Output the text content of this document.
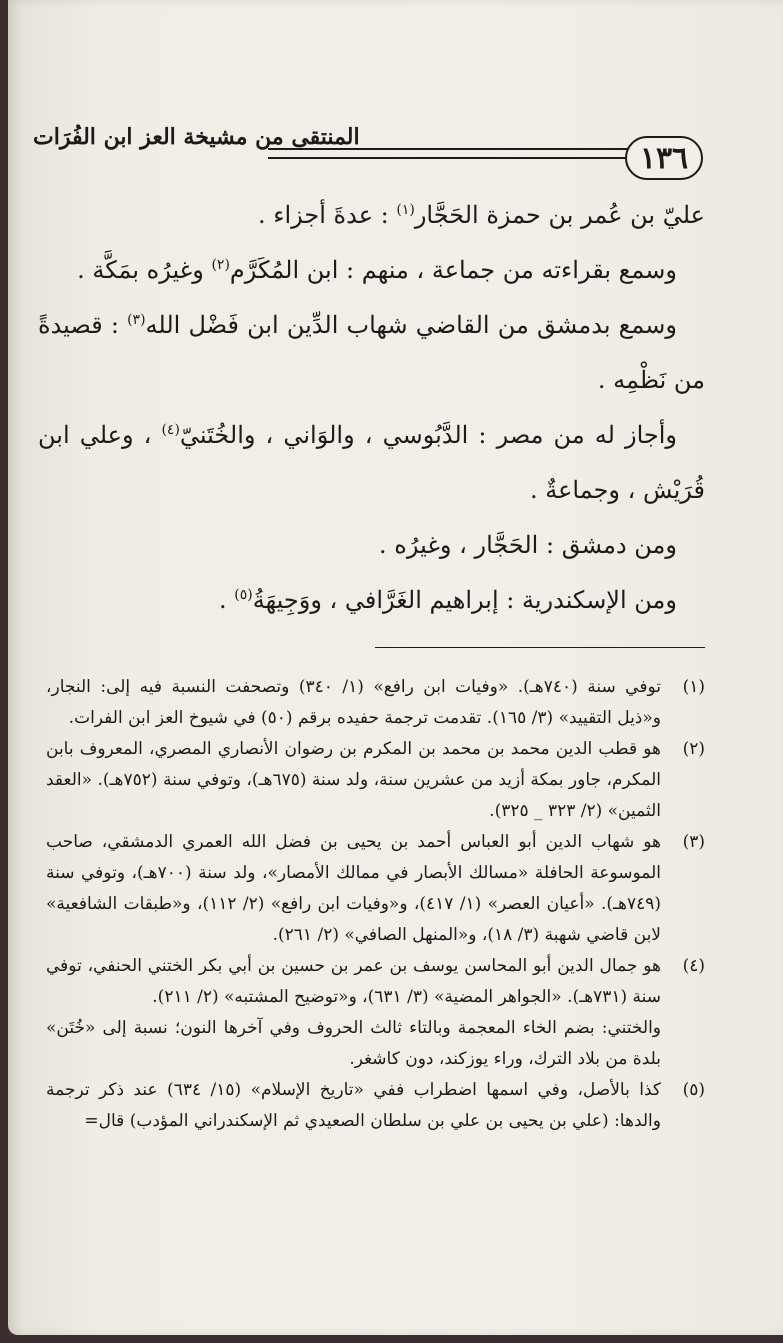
١٣٦
المنتقى من مشيخة العز ابن الفُرَات

عليّ بن عُمر بن حمزة الحَجَّار$^{(١)}$ : عدةَ أجزاء .

وسمع بقراءته من جماعة ، منهم : ابن المُكَرَّم$^{(٢)}$ وغيرُه بمَكَّة .

وسمع بدمشق من القاضي شهاب الدِّين ابن فَضْل الله$^{(٣)}$ : قصيدةً من نَظْمِه .

وأجاز له من مصر : الدَّبُوسي ، والوَاني ، والخُتَنيّ$^{(٤)}$ ، وعلي ابن قُرَيْش ، وجماعةٌ .

ومن دمشق : الحَجَّار ، وغيرُه .

ومن الإسكندرية : إبراهيم الغَرَّافي ، ووَجِيهَةُ$^{(٥)}$ .

(١)

توفي سنة (٧٤٠هـ). «وفيات ابن رافع» (١/ ٣٤٠) وتصحفت النسبة فيه إلى: النجار، و«ذيل التقييد» (٣/ ١٦٥). تقدمت ترجمة حفيده برقم (٥٠) في شيوخ العز ابن الفرات.

(٢)

هو قطب الدين محمد بن محمد بن المكرم بن رضوان الأنصاري المصري، المعروف بابن المكرم، جاور بمكة أزيد من عشرين سنة، ولد سنة (٦٧٥هـ)، وتوفي سنة (٧٥٢هـ). «العقد الثمين» (٢/ ٣٢٣ _ ٣٢٥).

(٣)

هو شهاب الدين أبو العباس أحمد بن يحيى بن فضل الله العمري الدمشقي، صاحب الموسوعة الحافلة «مسالك الأبصار في ممالك الأمصار»، ولد سنة (٧٠٠هـ)، وتوفي سنة (٧٤٩هـ). «أعيان العصر» (١/ ٤١٧)، و«وفيات ابن رافع» (٢/ ١١٢)، و«طبقات الشافعية» لابن قاضي شهبة (٣/ ١٨)، و«المنهل الصافي» (٢/ ٢٦١).

(٤)

هو جمال الدين أبو المحاسن يوسف بن عمر بن حسين بن أبي بكر الختني الحنفي، توفي سنة (٧٣١هـ). «الجواهر المضية» (٣/ ٦٣١)، و«توضيح المشتبه» (٢/ ٢١١).

والختني: بضم الخاء المعجمة وبالتاء ثالث الحروف وفي آخرها النون؛ نسبة إلى «خُتَن» بلدة من بلاد الترك، وراء يوزكند، دون كاشغر.

(٥)

كذا بالأصل، وفي اسمها اضطراب ففي «تاريخ الإسلام» (١٥/ ٦٣٤) عند ذكر ترجمة والدها: (علي بن يحيى بن علي بن سلطان الصعيدي ثم الإسكندراني المؤدب) قال=
